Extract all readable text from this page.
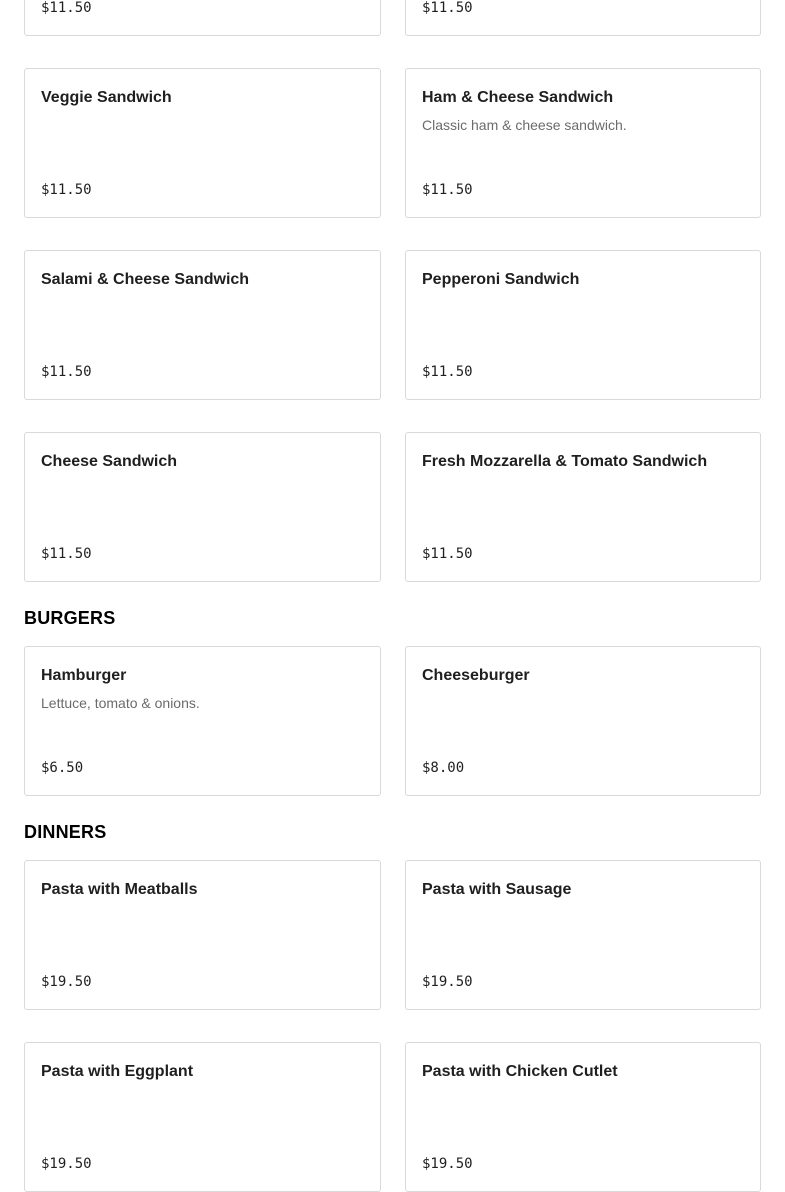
$11.50	$11.50
Veggie Sandwich
$11.50
Ham & Cheese Sandwich
Classic ham & cheese sandwich.
$11.50
Salami & Cheese Sandwich
$11.50
Pepperoni Sandwich
$11.50
Cheese Sandwich
$11.50
Fresh Mozzarella & Tomato Sandwich
$11.50
BURGERS
Hamburger
Lettuce, tomato & onions.
$6.50
Cheeseburger
$8.00
DINNERS
Pasta with Meatballs
$19.50
Pasta with Sausage
$19.50
Pasta with Eggplant
$19.50
Pasta with Chicken Cutlet
$19.50
